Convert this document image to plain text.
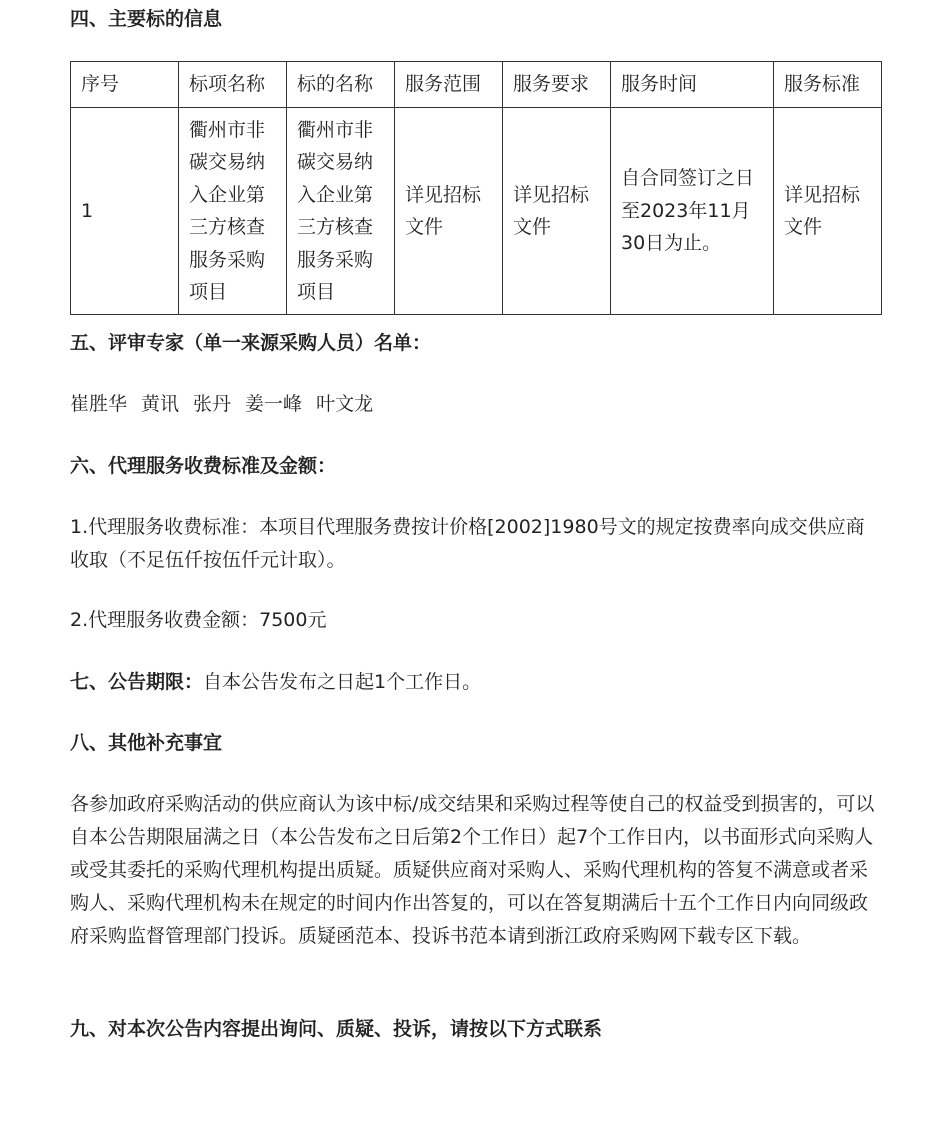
四、主要标的信息
序号	标项名称	标的名称	服务范围	服务要求	服务时间	服务标准
1	衢州市非碳交易纳入企业第三方核查服务采购项目	衢州市非碳交易纳入企业第三方核查服务采购项目	详见招标文件	详见招标文件	自合同签订之日至2023年11月30日为止。	详见招标文件
五、评审专家（单一来源采购人员）名单：
崔胜华 黄讯 张丹 姜一峰 叶文龙
六、代理服务收费标准及金额：
1.代理服务收费标准：本项目代理服务费按计价格[2002]1980号文的规定按费率向成交供应商收取（不足伍仟按伍仟元计取）。
2.代理服务收费金额：7500元
七、公告期限：自本公告发布之日起1个工作日。
八、其他补充事宜
各参加政府采购活动的供应商认为该中标/成交结果和采购过程等使自己的权益受到损害的，可以自本公告期限届满之日（本公告发布之日后第2个工作日）起7个工作日内，以书面形式向采购人或受其委托的采购代理机构提出质疑。质疑供应商对采购人、采购代理机构的答复不满意或者采购人、采购代理机构未在规定的时间内作出答复的，可以在答复期满后十五个工作日内向同级政府采购监督管理部门投诉。质疑函范本、投诉书范本请到浙江政府采购网下载专区下载。
九、对本次公告内容提出询问、质疑、投诉，请按以下方式联系
